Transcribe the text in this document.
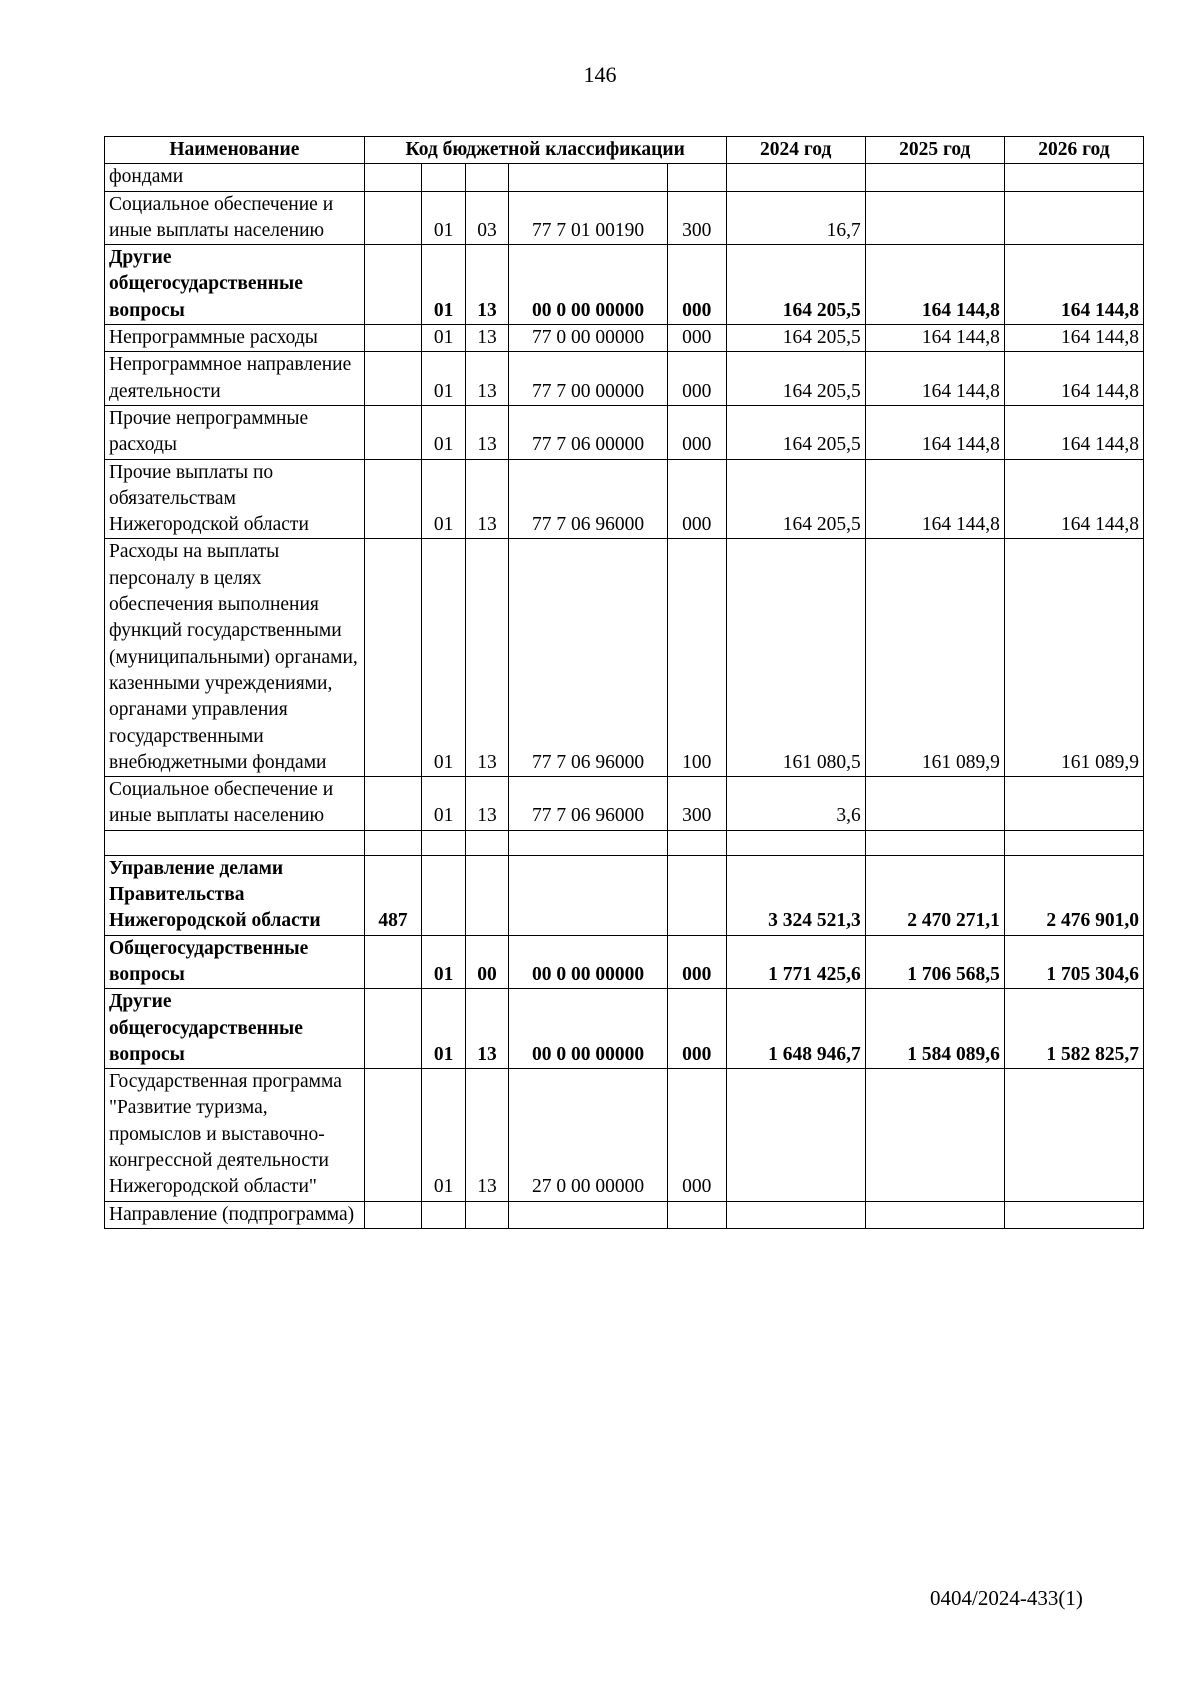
146
Наименование	Код бюджетной классификации					2024 год	2025 год	2026 год
фондами								
Социальное обеспечение и иные выплаты населению		01	03	77 7 01 00190	300	16,7		
Другие общегосударственные вопросы		01	13	00 0 00 00000	000	164 205,5	164 144,8	164 144,8
Непрограммные расходы		01	13	77 0 00 00000	000	164 205,5	164 144,8	164 144,8
Непрограммное направление деятельности		01	13	77 7 00 00000	000	164 205,5	164 144,8	164 144,8
Прочие непрограммные расходы		01	13	77 7 06 00000	000	164 205,5	164 144,8	164 144,8
Прочие выплаты по обязательствам Нижегородской области		01	13	77 7 06 96000	000	164 205,5	164 144,8	164 144,8
Расходы на выплаты персоналу в целях обеспечения выполнения функций государственными (муниципальными) органами, казенными учреждениями, органами управления государственными внебюджетными фондами		01	13	77 7 06 96000	100	161 080,5	161 089,9	161 089,9
Социальное обеспечение и иные выплаты населению		01	13	77 7 06 96000	300	3,6		

Управление делами Правительства Нижегородской области	487					3 324 521,3	2 470 271,1	2 476 901,0
Общегосударственные вопросы		01	00	00 0 00 00000	000	1 771 425,6	1 706 568,5	1 705 304,6
Другие общегосударственные вопросы		01	13	00 0 00 00000	000	1 648 946,7	1 584 089,6	1 582 825,7
Государственная программа "Развитие туризма, промыслов и выставочно-конгрессной деятельности Нижегородской области"		01	13	27 0 00 00000	000			
Направление (подпрограмма)								
0404/2024-433(1)
